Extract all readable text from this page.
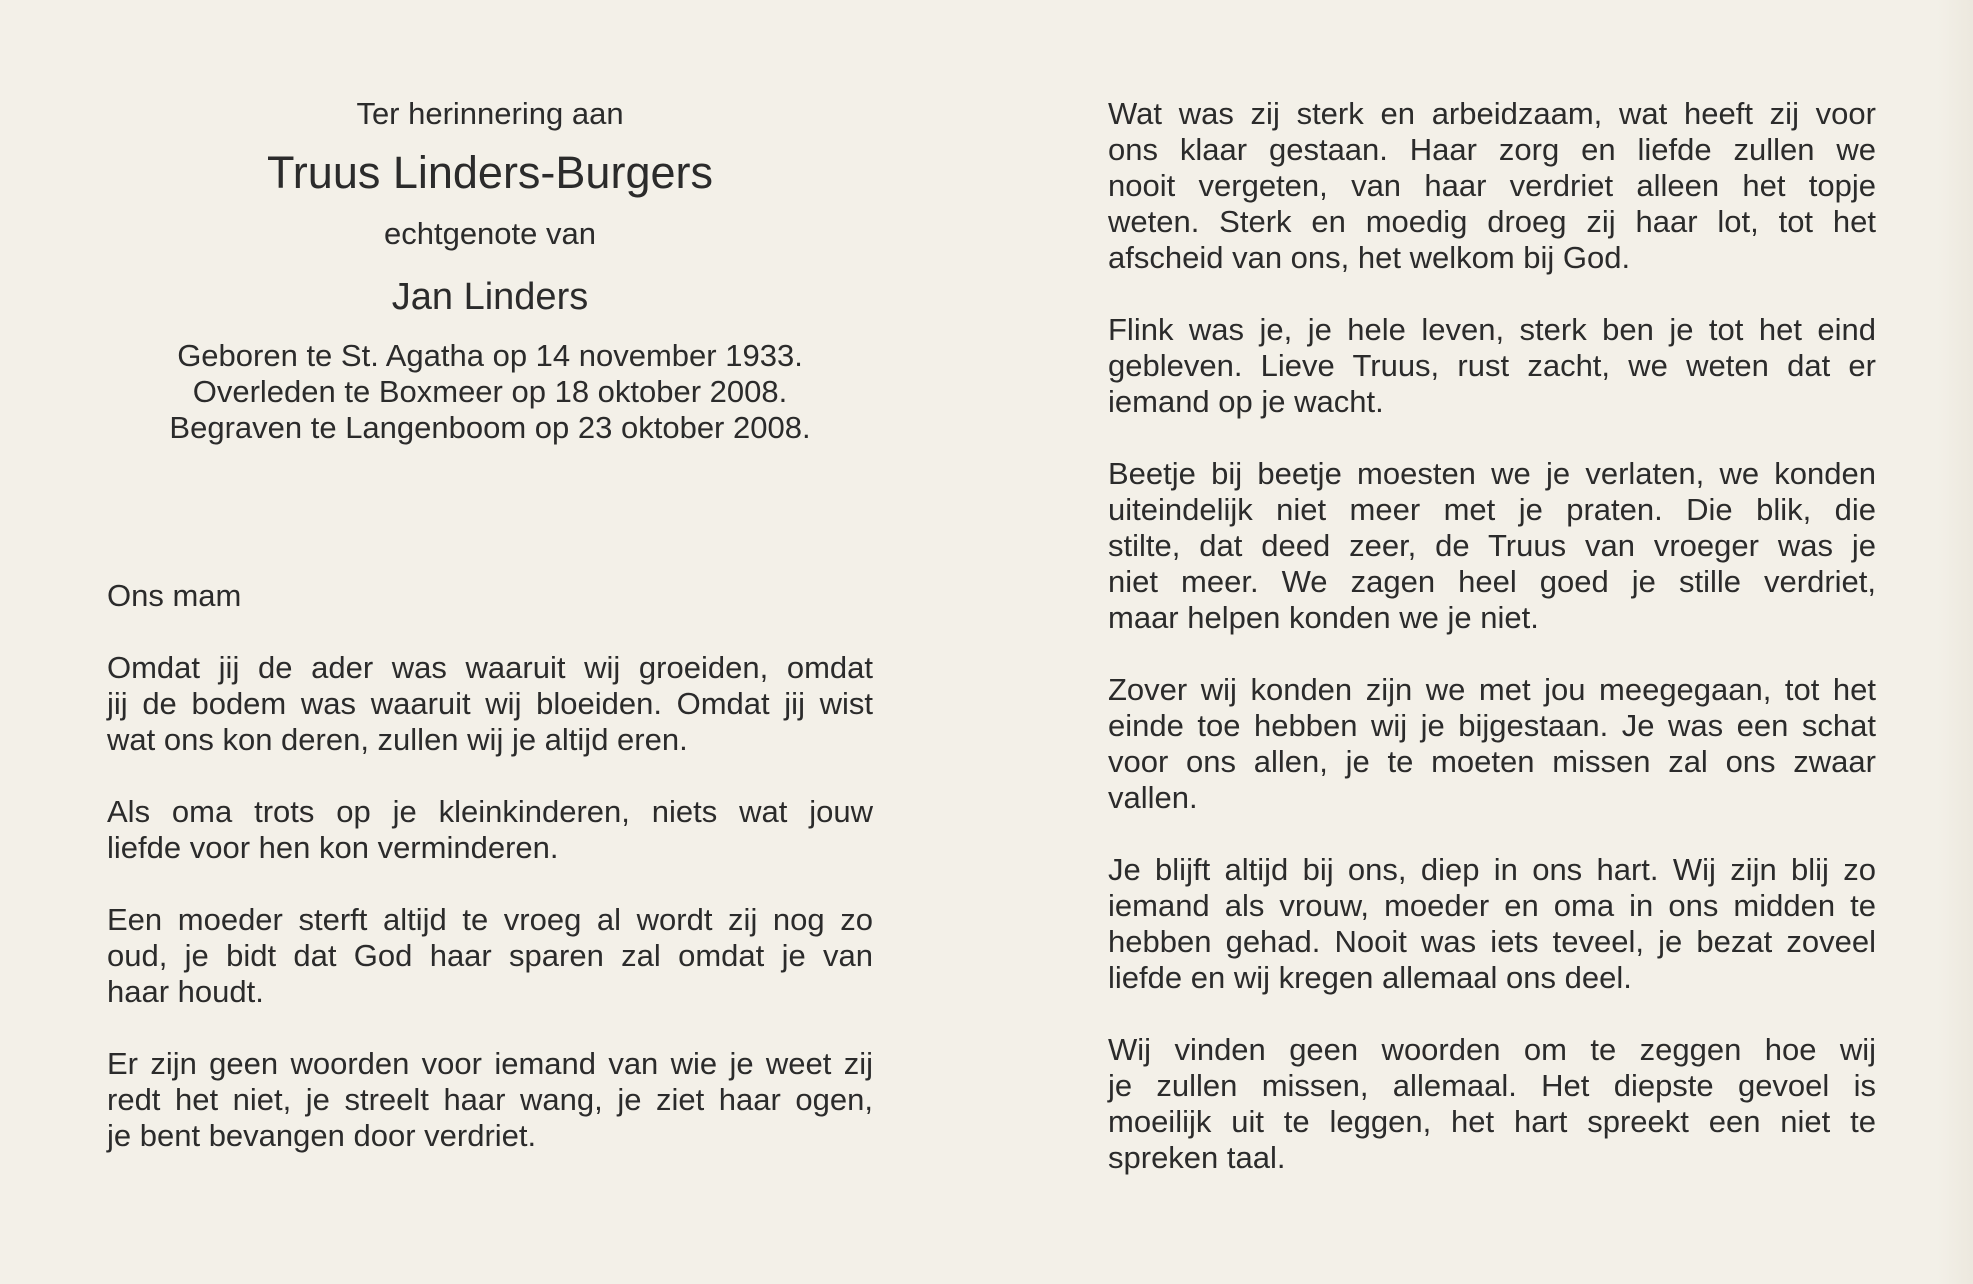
Ter herinnering aan

Truus Linders-Burgers

echtgenote van

Jan Linders

Geboren te St. Agatha op 14 november 1933.
Overleden te Boxmeer op 18 oktober 2008.
Begraven te Langenboom op 23 oktober 2008.

Ons mam

Omdat jij de ader was waaruit wij groeiden, omdat
jij de bodem was waaruit wij bloeiden. Omdat jij wist
wat ons kon deren, zullen wij je altijd eren.
Als oma trots op je kleinkinderen, niets wat jouw
liefde voor hen kon verminderen.
Een moeder sterft altijd te vroeg al wordt zij nog zo
oud, je bidt dat God haar sparen zal omdat je van
haar houdt.
Er zijn geen woorden voor iemand van wie je weet zij
redt het niet, je streelt haar wang, je ziet haar ogen,
je bent bevangen door verdriet.
Wat was zij sterk en arbeidzaam, wat heeft zij voor
ons klaar gestaan. Haar zorg en liefde zullen we
nooit vergeten, van haar verdriet alleen het topje
weten. Sterk en moedig droeg zij haar lot, tot het
afscheid van ons, het welkom bij God.
Flink was je, je hele leven, sterk ben je tot het eind
gebleven. Lieve Truus, rust zacht, we weten dat er
iemand op je wacht.
Beetje bij beetje moesten we je verlaten, we konden
uiteindelijk niet meer met je praten. Die blik, die
stilte, dat deed zeer, de Truus van vroeger was je
niet meer. We zagen heel goed je stille verdriet,
maar helpen konden we je niet.
Zover wij konden zijn we met jou meegegaan, tot het
einde toe hebben wij je bijgestaan. Je was een schat
voor ons allen, je te moeten missen zal ons zwaar
vallen.
Je blijft altijd bij ons, diep in ons hart. Wij zijn blij zo
iemand als vrouw, moeder en oma in ons midden te
hebben gehad. Nooit was iets teveel, je bezat zoveel
liefde en wij kregen allemaal ons deel.
Wij vinden geen woorden om te zeggen hoe wij
je zullen missen, allemaal. Het diepste gevoel is
moeilijk uit te leggen, het hart spreekt een niet te
spreken taal.
